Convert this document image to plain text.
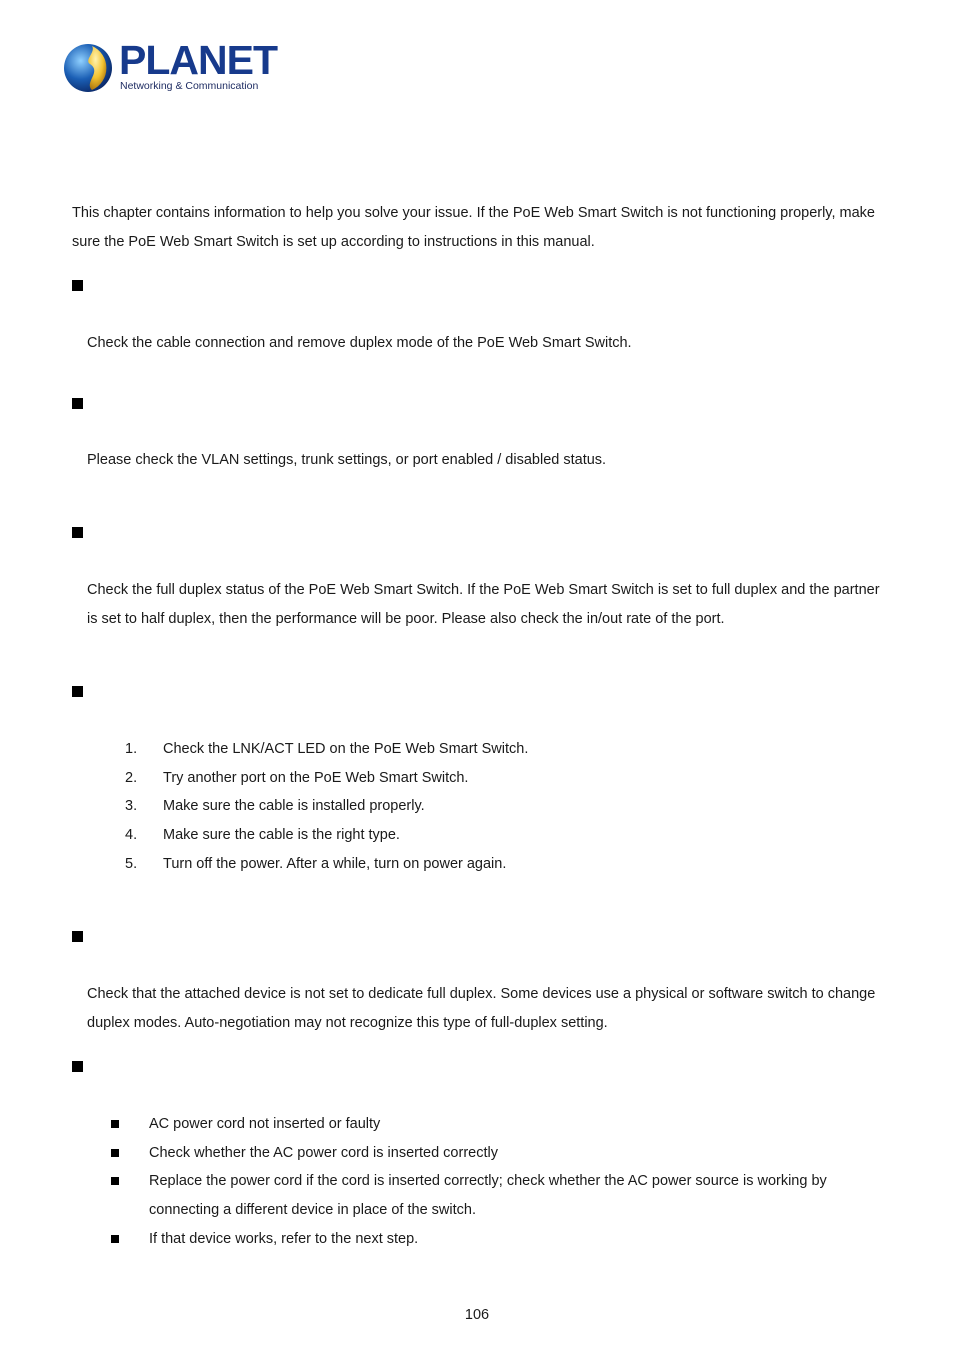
PLANET
Networking & Communication
This chapter contains information to help you solve your issue. If the PoE Web Smart Switch is not functioning properly, make sure the PoE Web Smart Switch is set up according to instructions in this manual.
Check the cable connection and remove duplex mode of the PoE Web Smart Switch.
Please check the VLAN settings, trunk settings, or port enabled / disabled status.
Check the full duplex status of the PoE Web Smart Switch. If the PoE Web Smart Switch is set to full duplex and the partner is set to half duplex, then the performance will be poor. Please also check the in/out rate of the port.
1. Check the LNK/ACT LED on the PoE Web Smart Switch.
2. Try another port on the PoE Web Smart Switch.
3. Make sure the cable is installed properly.
4. Make sure the cable is the right type.
5. Turn off the power. After a while, turn on power again.
Check that the attached device is not set to dedicate full duplex. Some devices use a physical or software switch to change duplex modes. Auto-negotiation may not recognize this type of full-duplex setting.
AC power cord not inserted or faulty
Check whether the AC power cord is inserted correctly
Replace the power cord if the cord is inserted correctly; check whether the AC power source is working by connecting a different device in place of the switch.
If that device works, refer to the next step.
106
